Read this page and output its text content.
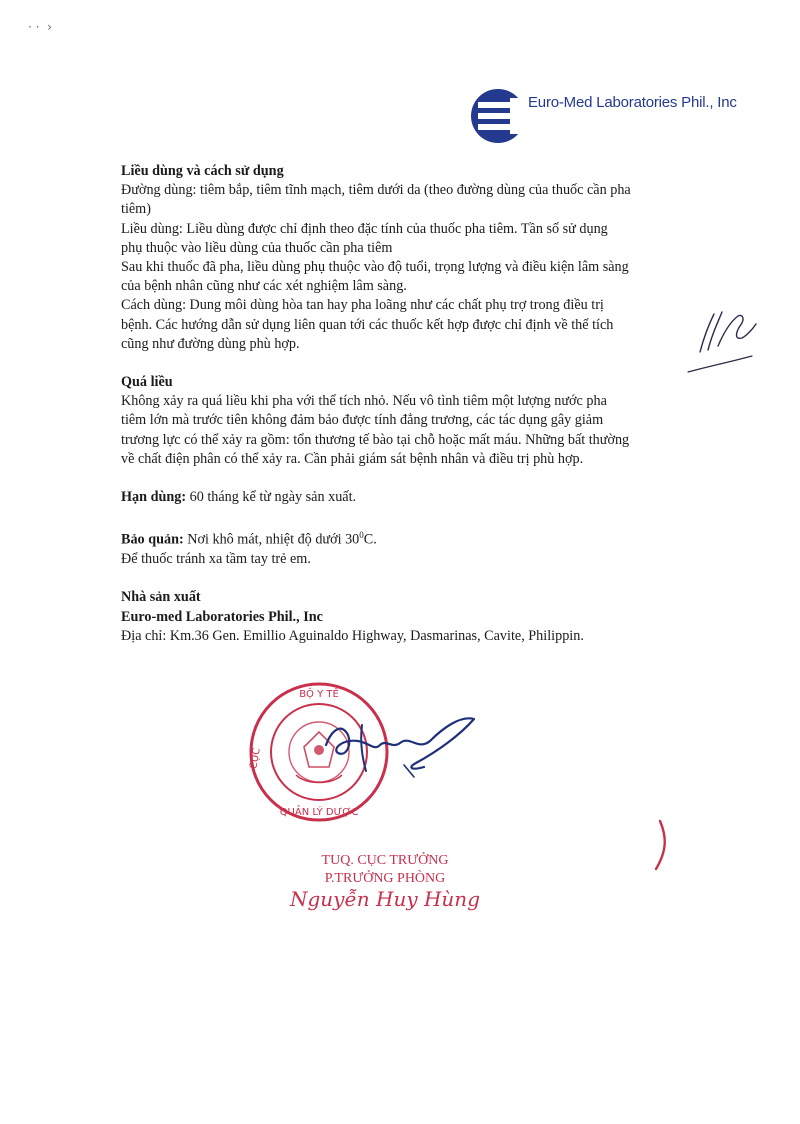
· ·  ›
Euro-Med Laboratories Phil., Inc
Liều dùng và cách sử dụng
Đường dùng: tiêm bắp, tiêm tĩnh mạch, tiêm dưới da (theo đường dùng của thuốc cần pha
tiêm)
Liều dùng: Liều dùng được chỉ định theo đặc tính của thuốc pha tiêm. Tần số sử dụng
phụ thuộc vào liều dùng của thuốc cần pha tiêm
Sau khi thuốc đã pha, liều dùng phụ thuộc vào độ tuổi, trọng lượng và điều kiện lâm sàng
của bệnh nhân cũng như các xét nghiệm lâm sàng.
Cách dùng: Dung môi dùng hòa tan hay pha loãng như các chất phụ trợ trong điều trị
bệnh. Các hướng dẫn sử dụng liên quan tới các thuốc kết hợp được chỉ định về thể tích
cũng như đường dùng phù hợp.
Quá liều
Không xảy ra quá liều khi pha với thể tích nhỏ. Nếu vô tình tiêm một lượng nước pha
tiêm lớn mà trước tiên không đảm bảo được tính đẳng trương, các tác dụng gây giảm
trương lực có thể xảy ra gồm: tổn thương tế bào tại chỗ hoặc mất máu. Những bất thường
về chất điện phân có thể xảy ra. Cần phải giám sát bệnh nhân và điều trị phù hợp.
Hạn dùng: 60 tháng kể từ ngày sản xuất.
Bảo quản: Nơi khô mát, nhiệt độ dưới $30^0C$.
Để thuốc tránh xa tầm tay trẻ em.
Nhà sản xuất
Euro-med Laboratories Phil., Inc
Địa chỉ: Km.36 Gen. Emillio Aguinaldo Highway, Dasmarinas, Cavite, Philippin.
BỘ Y TẾ
CỤC
QUẢN LÝ DƯỢC
TUQ. CỤC TRƯỞNG
P.TRƯỞNG PHÒNG
Nguyễn Huy Hùng
